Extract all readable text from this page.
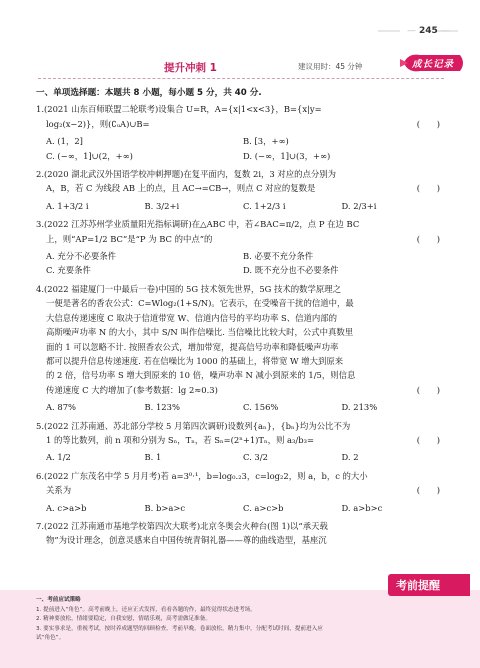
— 245 —
提升冲刺 1	建议用时：45 分钟	成长记录
一、单项选择题：本题共 8 小题，每小题 5 分，共 40 分.
1.(2021 山东百师联盟二轮联考)设集合 U=R，A={x|1<x<3}，B={x|y=
log₂(x−2)}，则(∁ᵤA)∪B=	(　　)
A. (1，2]	B. [3，+∞)
C. (−∞，1]∪(2，+∞)	D. (−∞，1]∪(3，+∞)
2.(2020 湖北武汉外国语学校冲刺押题)在复平面内，复数 2i，3 对应的点分别为
A，B，若 C 为线段 AB 上的点，且 AC→=CB→，则点 C 对应的复数是	(　　)
A. 1+3/2 i	B. 3/2+i	C. 1+2/3 i	D. 2/3+i
3.(2022 江苏苏州学业质量阳光指标调研)在△ABC 中，若∠BAC=π/2，点 P 在边 BC
上，则“AP=1/2 BC”是“P 为 BC 的中点”的	(　　)
A. 充分不必要条件	B. 必要不充分条件
C. 充要条件	D. 既不充分也不必要条件
4.(2022 福建厦门一中最后一卷)中国的 5G 技术领先世界，5G 技术的数学原理之
一便是著名的香农公式：C=Wlog₂(1+S/N)。它表示，在受噪音干扰的信道中，最
大信息传递速度 C 取决于信道带宽 W、信道内信号的平均功率 S、信道内部的
高斯噪声功率 N 的大小，其中 S/N 叫作信噪比. 当信噪比比较大时，公式中真数里
面的 1 可以忽略不计. 按照香农公式，增加带宽，提高信号功率和降低噪声功率
都可以提升信息传递速度. 若在信噪比为 1000 的基础上，将带宽 W 增大到原来
的 2 倍，信号功率 S 增大到原来的 10 倍，噪声功率 N 减小到原来的 1/5，则信息
传递速度 C 大约增加了(参考数据：lg 2≈0.3)	(　　)
A. 87%	B. 123%	C. 156%	D. 213%
5.(2022 江苏南通、苏北部分学校 5 月第四次调研)设数列{aₙ}，{bₙ}均为公比不为
1 的等比数列，前 n 项和分别为 Sₙ，Tₙ，若 Sₙ=(2ⁿ+1)Tₙ，则 a₃/b₃=	(　　)
A. 1/2	B. 1	C. 3/2	D. 2
6.(2022 广东茂名中学 5 月月考)若 a=3⁰·¹，b=log₀.₂3，c=log₂2，则 a，b，c 的大小
关系为	(　　)
A. c>a>b	B. b>a>c	C. a>c>b	D. a>b>c
7.(2022 江苏南通市基地学校第四次大联考)北京冬奥会火种台(图 1)以“承天载
物”为设计理念，创意灵感来自中国传统青铜礼器——尊的曲线造型，基座沉
考前提醒
一、考前应试策略
1. 提前进入“角色”。高考前晚上，还应正式发挥，看看各题的作，最终觉得状态进考场。
2. 精神要放松，情绪要稳定，自我安慰，情绪乐观，高考需做足准备。
3. 要实事求是，重视考试，按时养成题型的回顾检查，考前早晚，卷面放松，精力集中，分配考试时间，提前进入应
试“角色”。
